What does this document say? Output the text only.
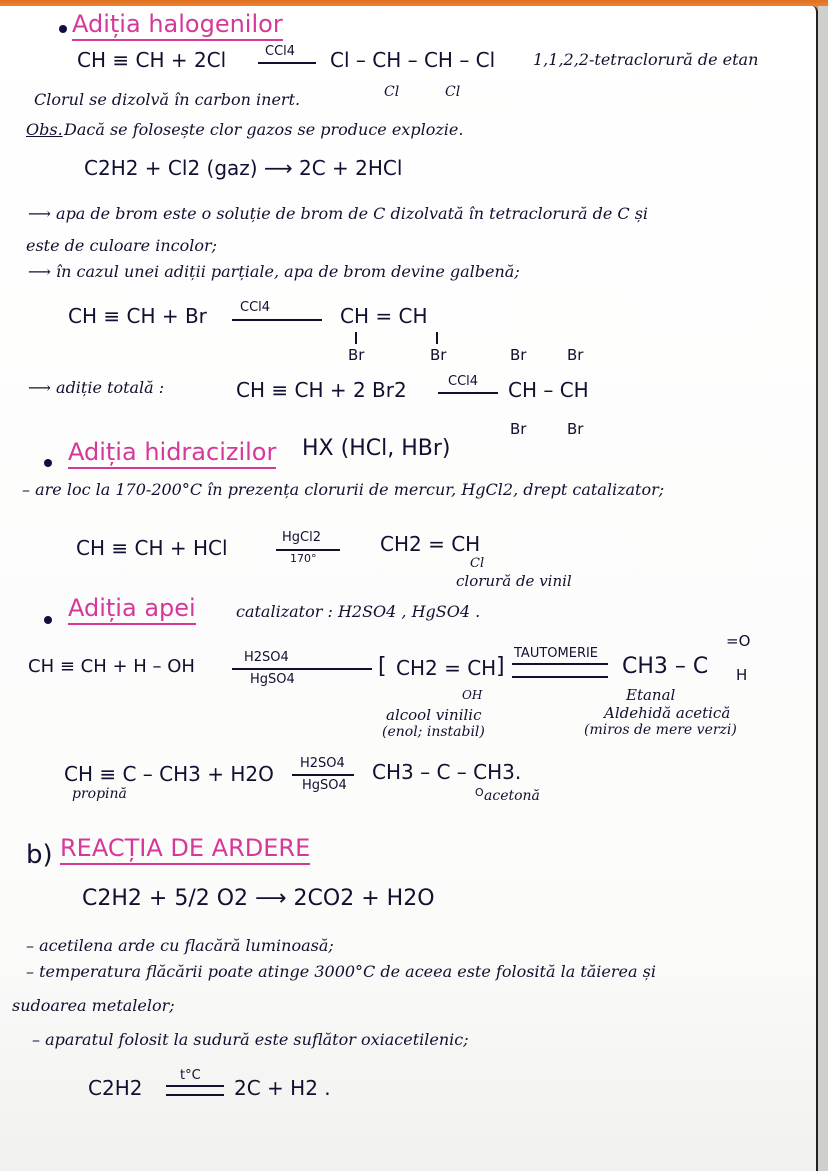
Adiția halogenilor
CH ≡ CH + 2Cl	CCl4 Cl – CH – CH – Cl
Cl	Cl
1,1,2,2-tetraclorură de etan
Clorul se dizolvă în carbon inert.
Obs. Dacă se folosește clor gazos se produce explozie.
C2H2 + Cl2 (gaz) ⟶ 2C + 2HCl
⟶ apa de brom este o soluție de brom de C dizolvată în tetraclorură de C și
este de culoare incolor;
⟶ în cazul unei adiții parțiale, apa de brom devine galbenă;
CH ≡ CH + Br	CCl4	CH = CH
Br	Br
⟶ adiție totală :	CH ≡ CH + 2 Br2	CCl4 CH – CH
Br	Br
Br	Br
Adiția hidracizilor HX (HCl, HBr)
– are loc la 170-200°C în prezența clorurii de mercur, HgCl2, drept catalizator;
CH ≡ CH + HCl	HgCl2
170°
CH2 = CH
Cl
clorură de vinil
Adiția apei	catalizator : H2SO4 , HgSO4 .
CH ≡ CH + H – OH	H2SO4
HgSO4
[ CH2 = CH ]
OH
alcool vinilic
(enol; instabil)
TAUTOMERIE
CH3 – C
=O
H
Etanal
Aldehidă acetică
(miros de mere verzi)
CH ≡ C – CH3 + H2O
propină
H2SO4
HgSO4
CH3 – C – CH3.
O acetonă
b) REACȚIA DE ARDERE
C2H2 + 5/2 O2 ⟶ 2CO2 + H2O
– acetilena arde cu flacără luminoasă;
– temperatura flăcării poate atinge 3000°C de aceea este folosită la tăierea și
sudoarea metalelor;
– aparatul folosit la sudură este suflător oxiacetilenic;
C2H2
t°C
2C + H2 .
